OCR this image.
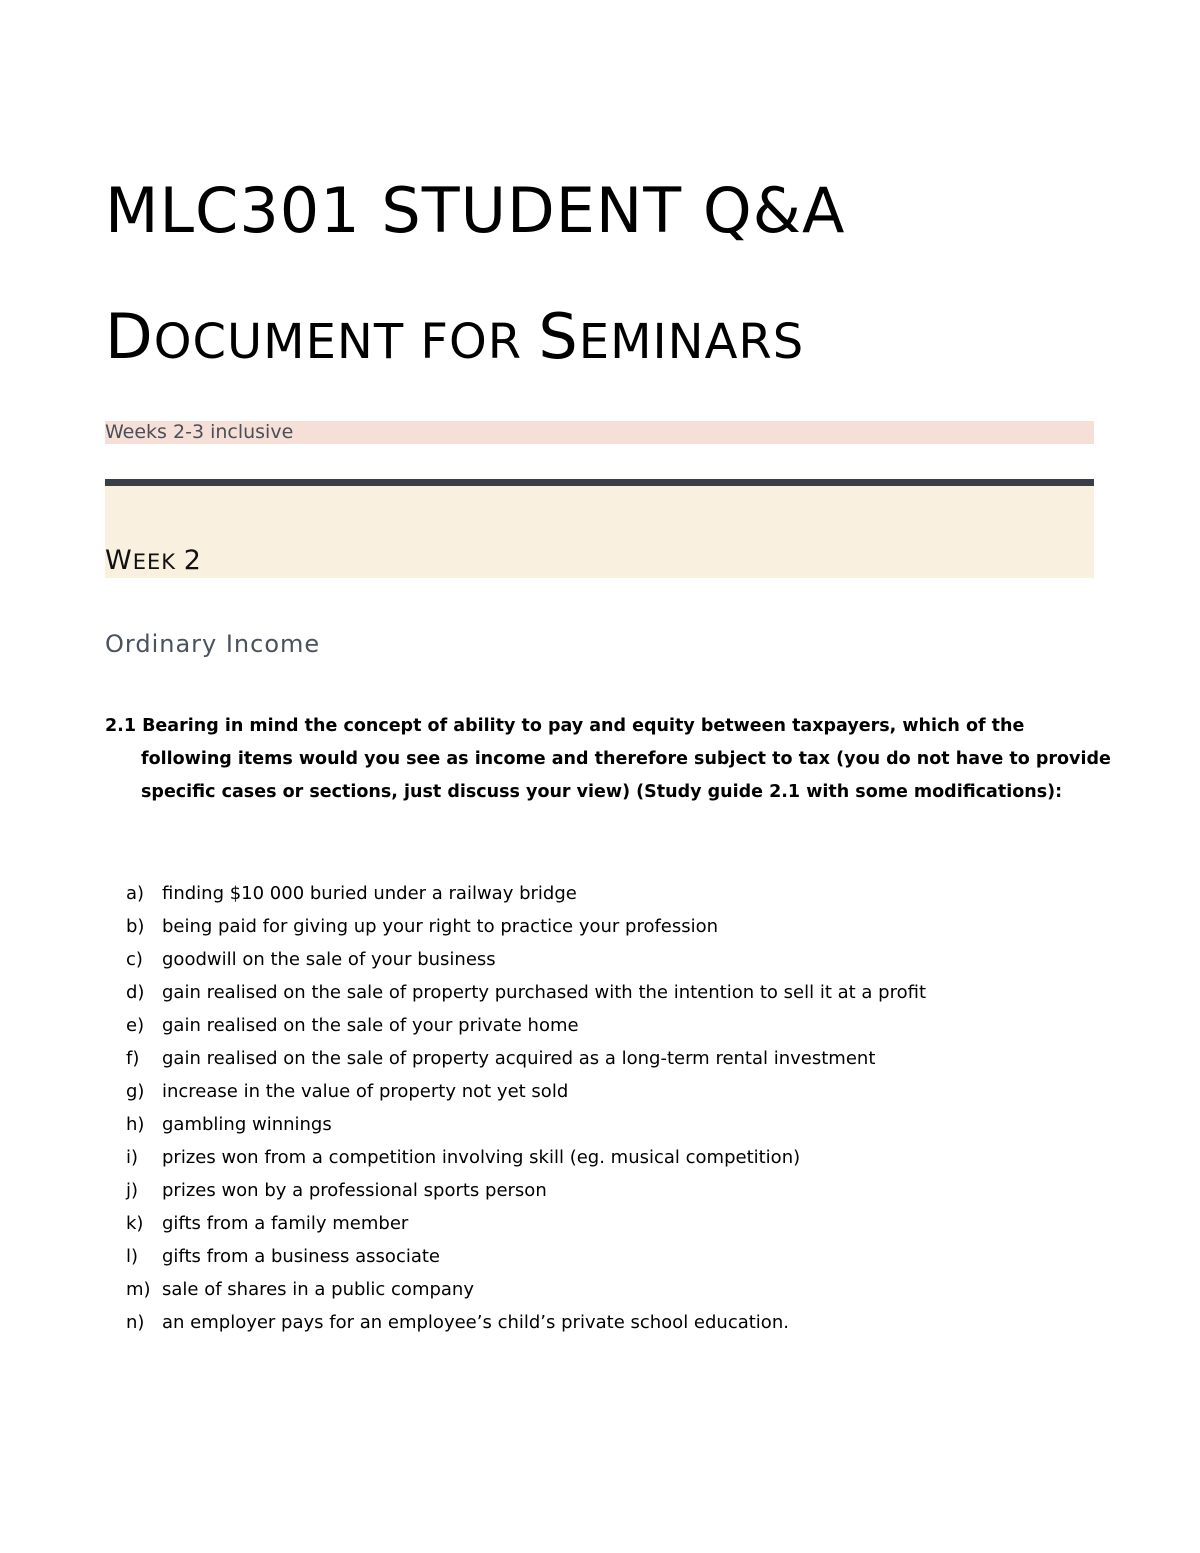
MLC301 STUDENT Q&A
DOCUMENT FOR SEMINARS
Weeks 2-3 inclusive
WEEK 2
Ordinary Income
2.1 Bearing in mind the concept of ability to pay and equity between taxpayers, which of the
following items would you see as income and therefore subject to tax (you do not have to provide
specific cases or sections, just discuss your view) (Study guide 2.1 with some modifications):
a) finding $10 000 buried under a railway bridge
b) being paid for giving up your right to practice your profession
c)	goodwill on the sale of your business
d) gain realised on the sale of property purchased with the intention to sell it at a profit
e) gain realised on the sale of your private home
f)	gain realised on the sale of property acquired as a long-term rental investment
g) increase in the value of property not yet sold
h) gambling winnings
i)	prizes won from a competition involving skill (eg. musical competition)
j)	prizes won by a professional sports person
k)	gifts from a family member
l)	gifts from a business associate
m) sale of shares in a public company
n) an employer pays for an employee’s child’s private school education.
